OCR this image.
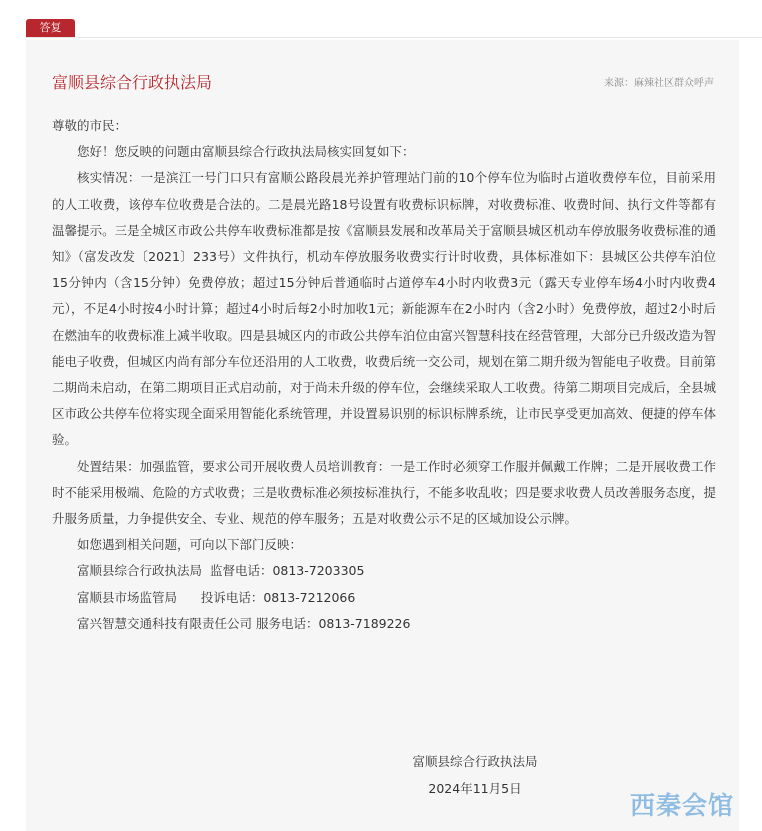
答复
富顺县综合行政执法局	来源：麻辣社区群众呼声

尊敬的市民：

您好！您反映的问题由富顺县综合行政执法局核实回复如下：

核实情况：一是滨江一号门口只有富顺公路段晨光养护管理站门前的10个停车位为临时占道收费停车位，目前采用的人工收费，该停车位收费是合法的。二是晨光路18号设置有收费标识标牌，对收费标准、收费时间、执行文件等都有温馨提示。三是全城区市政公共停车收费标准都是按《富顺县发展和改革局关于富顺县城区机动车停放服务收费标准的通知》（富发改发〔2021〕233号）文件执行，机动车停放服务收费实行计时收费，具体标准如下：县城区公共停车泊位15分钟内（含15分钟）免费停放；超过15分钟后普通临时占道停车4小时内收费3元（露天专业停车场4小时内收费4元），不足4小时按4小时计算；超过4小时后每2小时加收1元；新能源车在2小时内（含2小时）免费停放，超过2小时后在燃油车的收费标准上减半收取。四是县城区内的市政公共停车泊位由富兴智慧科技在经营管理，大部分已升级改造为智能电子收费，但城区内尚有部分车位还沿用的人工收费，收费后统一交公司，规划在第二期升级为智能电子收费。目前第二期尚未启动，在第二期项目正式启动前，对于尚未升级的停车位，会继续采取人工收费。待第二期项目完成后，全县城区市政公共停车位将实现全面采用智能化系统管理，并设置易识别的标识标牌系统，让市民享受更加高效、便捷的停车体验。

处置结果：加强监管，要求公司开展收费人员培训教育：一是工作时必须穿工作服并佩戴工作牌；二是开展收费工作时不能采用极端、危险的方式收费；三是收费标准必须按标准执行，不能多收乱收；四是要求收费人员改善服务态度，提升服务质量，力争提供安全、专业、规范的停车服务；五是对收费公示不足的区域加设公示牌。

如您遇到相关问题，可向以下部门反映：

富顺县综合行政执法局  监督电话：0813-7203305

富顺县市场监管局      投诉电话：0813-7212066

富兴智慧交通科技有限责任公司 服务电话：0813-7189226

富顺县综合行政执法局
2024年11月5日
西秦会馆
